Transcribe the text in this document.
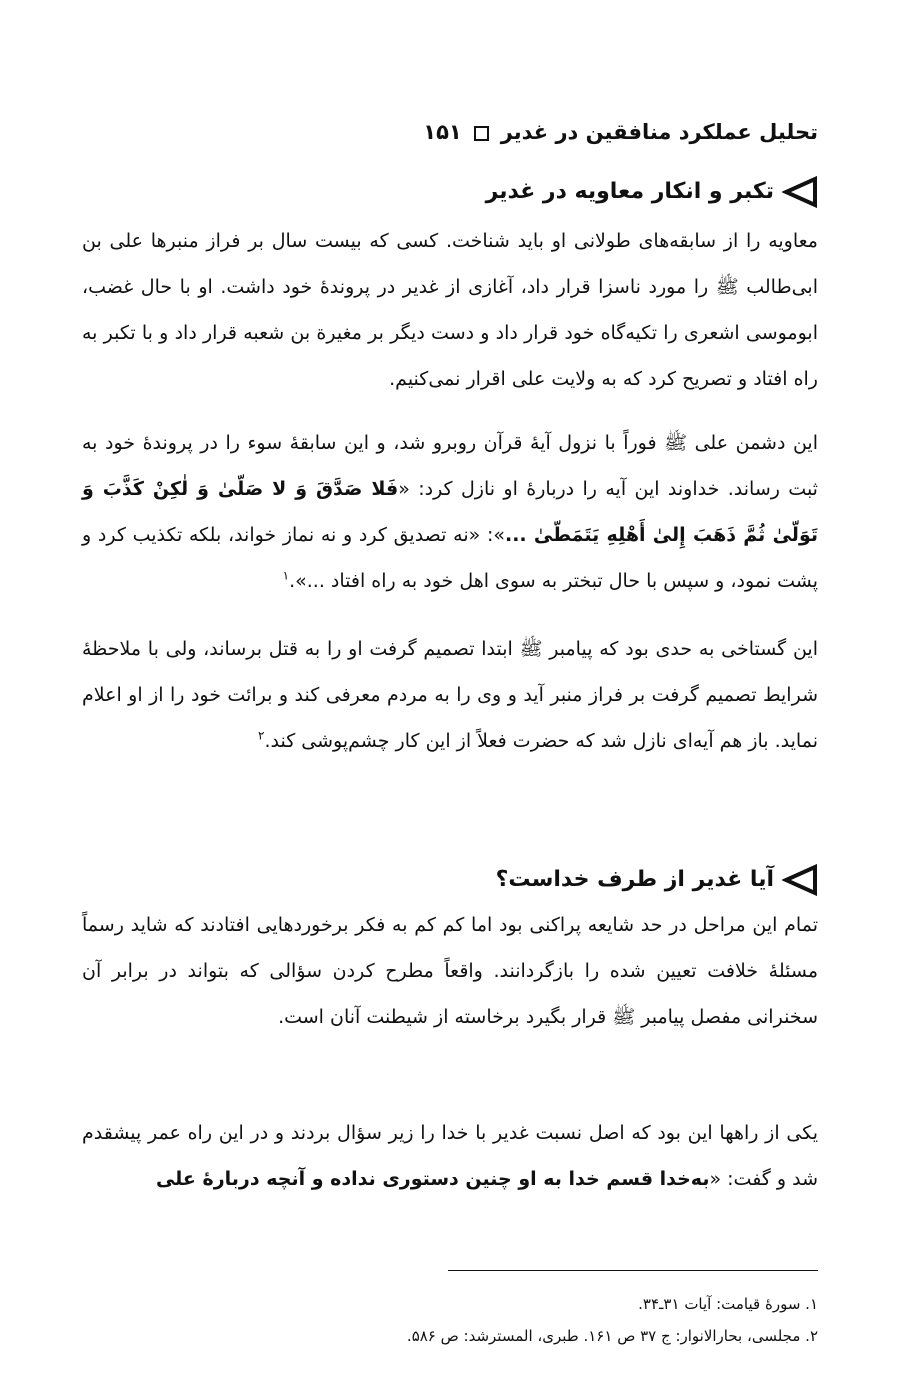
تحلیل عملکرد منافقین در غدیر۱۵۱
تکبر و انکار معاویه در غدیر

معاویه را از سابقه‌های طولانی او باید شناخت. کسی که بیست سال بر فراز منبرها علی بن ابی‌طالب ﷺ را مورد ناسزا قرار داد، آغازی از غدیر در پروندهٔ خود داشت. او با حال غضب، ابوموسی اشعری را تکیه‌گاه خود قرار داد و دست دیگر بر مغیرة بن شعبه قرار داد و با تکبر به راه افتاد و تصریح کرد که به ولایت علی اقرار نمی‌کنیم.

این دشمن علی ﷺ فوراً با نزول آیهٔ قرآن روبرو شد، و این سابقهٔ سوء را در پروندهٔ خود به ثبت رساند. خداوند این آیه را دربارهٔ او نازل کرد: «فَلا صَدَّقَ وَ لا صَلّىٰ وَ لٰكِنْ كَذَّبَ وَ تَوَلّىٰ ثُمَّ ذَهَبَ إِلىٰ أَهْلِهِ يَتَمَطّىٰ ...»: «نه تصدیق کرد و نه نماز خواند، بلکه تکذیب کرد و پشت نمود، و سپس با حال تبختر به سوی اهل خود به راه افتاد ...».$^۱$

این گستاخی به حدی بود که پیامبر ﷺ ابتدا تصمیم گرفت او را به قتل برساند، ولی با ملاحظهٔ شرایط تصمیم گرفت بر فراز منبر آید و وی را به مردم معرفی کند و برائت خود را از او اعلام نماید. باز هم آیه‌ای نازل شد که حضرت فعلاً از این کار چشم‌پوشی کند.$^۲$

آیا غدیر از طرف خداست؟

تمام این مراحل در حد شایعه پراکنی بود اما کم کم به فکر برخوردهایی افتادند که شاید رسماً مسئلهٔ خلافت تعیین شده را بازگردانند. واقعاً مطرح کردن سؤالی که بتواند در برابر آن سخنرانی مفصل پیامبر ﷺ قرار بگیرد برخاسته از شیطنت آنان است.

یکی از راهها این بود که اصل نسبت غدیر با خدا را زیر سؤال بردند و در این راه عمر پیشقدم شد و گفت: «به‌خدا قسم خدا به او چنین دستوری نداده و آنچه دربارهٔ علی

۱. سورهٔ قیامت: آیات ۳۱ـ۳۴.
۲. مجلسی، بحارالانوار: ج ۳۷ ص ۱۶۱. طبری، المسترشد: ص ۵۸۶.
